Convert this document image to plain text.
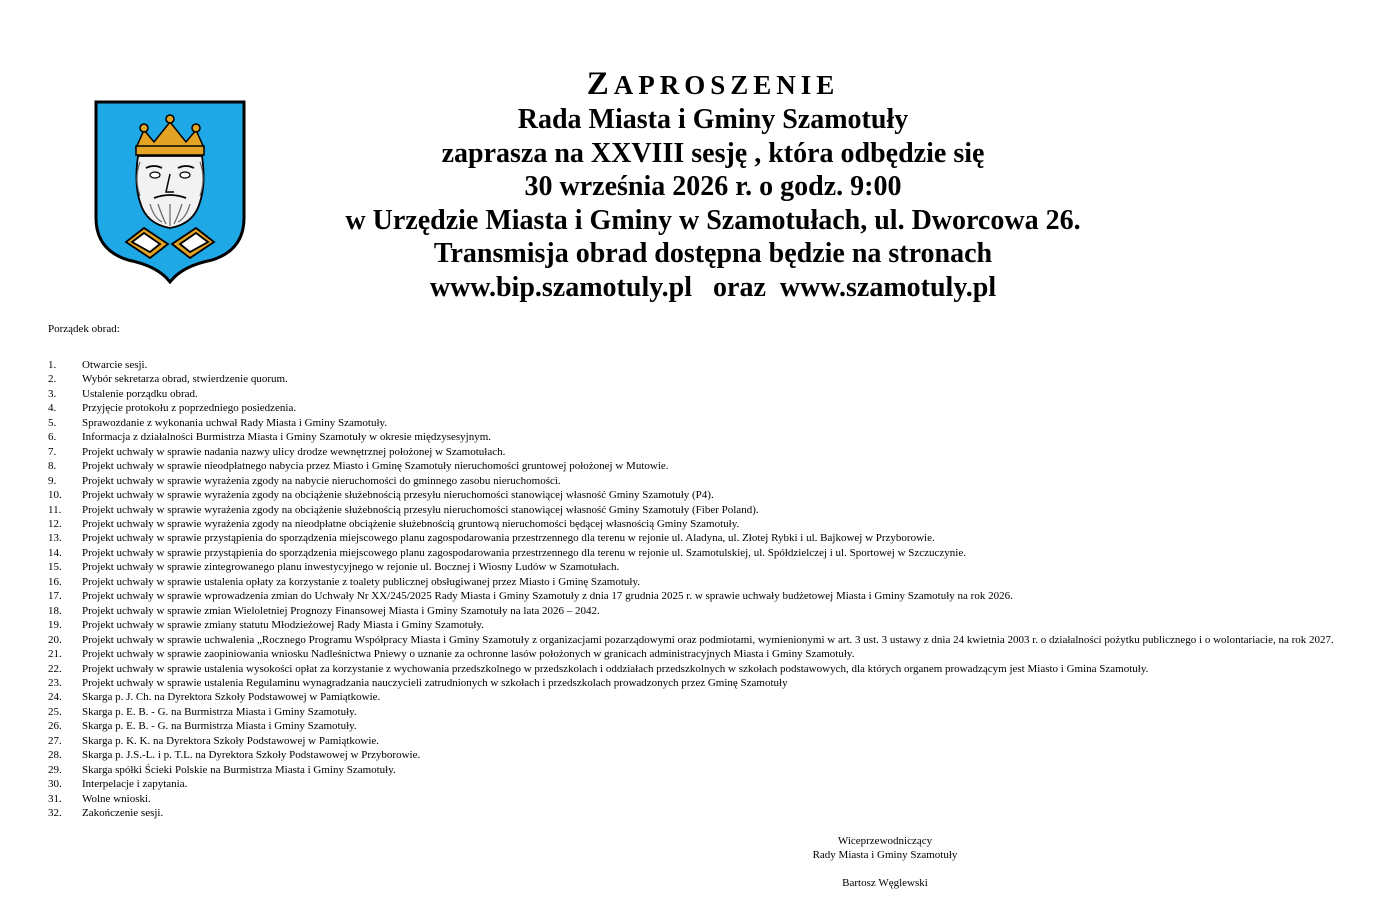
ZAPROSZENIE
Rada Miasta i Gminy Szamotuły
zaprasza na XXVIII sesję , która odbędzie się
30 września 2026 r. o godz. 9:00
w Urzędzie Miasta i Gminy w Szamotułach, ul. Dworcowa 26.
Transmisja obrad dostępna będzie na stronach
www.bip.szamotuly.pl   oraz  www.szamotuly.pl
Porządek obrad:
1.	Otwarcie sesji.
2.	Wybór sekretarza obrad, stwierdzenie quorum.
3.	Ustalenie porządku obrad.
4.	Przyjęcie protokołu z poprzedniego posiedzenia.
5.	Sprawozdanie z wykonania uchwał Rady Miasta i Gminy Szamotuły.
6.	Informacja z działalności Burmistrza Miasta i Gminy Szamotuły w okresie międzysesyjnym.
7.	Projekt uchwały w sprawie nadania nazwy ulicy drodze wewnętrznej położonej w Szamotułach.
8.	Projekt uchwały w sprawie nieodpłatnego nabycia przez Miasto i Gminę Szamotuły nieruchomości gruntowej położonej w Mutowie.
9.	Projekt uchwały w sprawie wyrażenia zgody na nabycie nieruchomości do gminnego zasobu nieruchomości.
10.	Projekt uchwały w sprawie wyrażenia zgody na obciążenie służebnością przesyłu nieruchomości stanowiącej własność Gminy Szamotuły (P4).
11.	Projekt uchwały w sprawie wyrażenia zgody na obciążenie służebnością przesyłu nieruchomości stanowiącej własność Gminy Szamotuły (Fiber Poland).
12.	Projekt uchwały w sprawie wyrażenia zgody na nieodpłatne obciążenie służebnością gruntową nieruchomości będącej własnością Gminy Szamotuły.
13.	Projekt uchwały w sprawie przystąpienia do sporządzenia miejscowego planu zagospodarowania przestrzennego dla terenu w rejonie ul. Aladyna, ul. Złotej Rybki i ul. Bajkowej w Przyborowie.
14.	Projekt uchwały w sprawie przystąpienia do sporządzenia miejscowego planu zagospodarowania przestrzennego dla terenu w rejonie ul. Szamotulskiej, ul. Spółdzielczej i ul. Sportowej w Szczuczynie.
15.	Projekt uchwały w sprawie zintegrowanego planu inwestycyjnego w rejonie ul. Bocznej i Wiosny Ludów w Szamotułach.
16.	Projekt uchwały w sprawie ustalenia opłaty za korzystanie z toalety publicznej obsługiwanej przez Miasto i Gminę Szamotuły.
17.	Projekt uchwały w sprawie wprowadzenia zmian do Uchwały Nr XX/245/2025 Rady Miasta i Gminy Szamotuły z dnia 17 grudnia 2025 r. w sprawie uchwały budżetowej Miasta i Gminy Szamotuły na rok 2026.
18.	Projekt uchwały w sprawie zmian Wieloletniej Prognozy Finansowej Miasta i Gminy Szamotuły na lata 2026 – 2042.
19.	Projekt uchwały w sprawie zmiany statutu Młodzieżowej Rady Miasta i Gminy Szamotuły.
20.	Projekt uchwały w sprawie uchwalenia „Rocznego Programu Współpracy Miasta i Gminy Szamotuły z organizacjami pozarządowymi oraz podmiotami, wymienionymi w art. 3 ust. 3 ustawy z dnia 24 kwietnia 2003 r. o działalności pożytku publicznego i o wolontariacie, na rok 2027.
21.	Projekt uchwały w sprawie zaopiniowania wniosku Nadleśnictwa Pniewy o uznanie za ochronne lasów położonych w granicach administracyjnych Miasta i Gminy Szamotuły.
22.	Projekt uchwały w sprawie ustalenia wysokości opłat za korzystanie z wychowania przedszkolnego w przedszkolach i oddziałach przedszkolnych w szkołach podstawowych, dla których organem prowadzącym jest Miasto i Gmina Szamotuły.
23.	Projekt uchwały w sprawie ustalenia Regulaminu wynagradzania nauczycieli zatrudnionych w szkołach i przedszkolach prowadzonych przez Gminę Szamotuły
24.	Skarga p. J. Ch. na Dyrektora Szkoły Podstawowej w Pamiątkowie.
25.	Skarga p. E. B. - G. na Burmistrza Miasta i Gminy Szamotuły.
26.	Skarga p. E. B. - G. na Burmistrza Miasta i Gminy Szamotuły.
27.	Skarga p. K. K. na Dyrektora Szkoły Podstawowej w Pamiątkowie.
28.	Skarga p. J.S.-L. i p. T.L. na Dyrektora Szkoły Podstawowej w Przyborowie.
29.	Skarga spółki Ścieki Polskie na Burmistrza Miasta i Gminy Szamotuły.
30.	Interpelacje i zapytania.
31.	Wolne wnioski.
32.	Zakończenie sesji.
Wiceprzewodniczący
Rady Miasta i Gminy Szamotuły
Bartosz Węglewski
